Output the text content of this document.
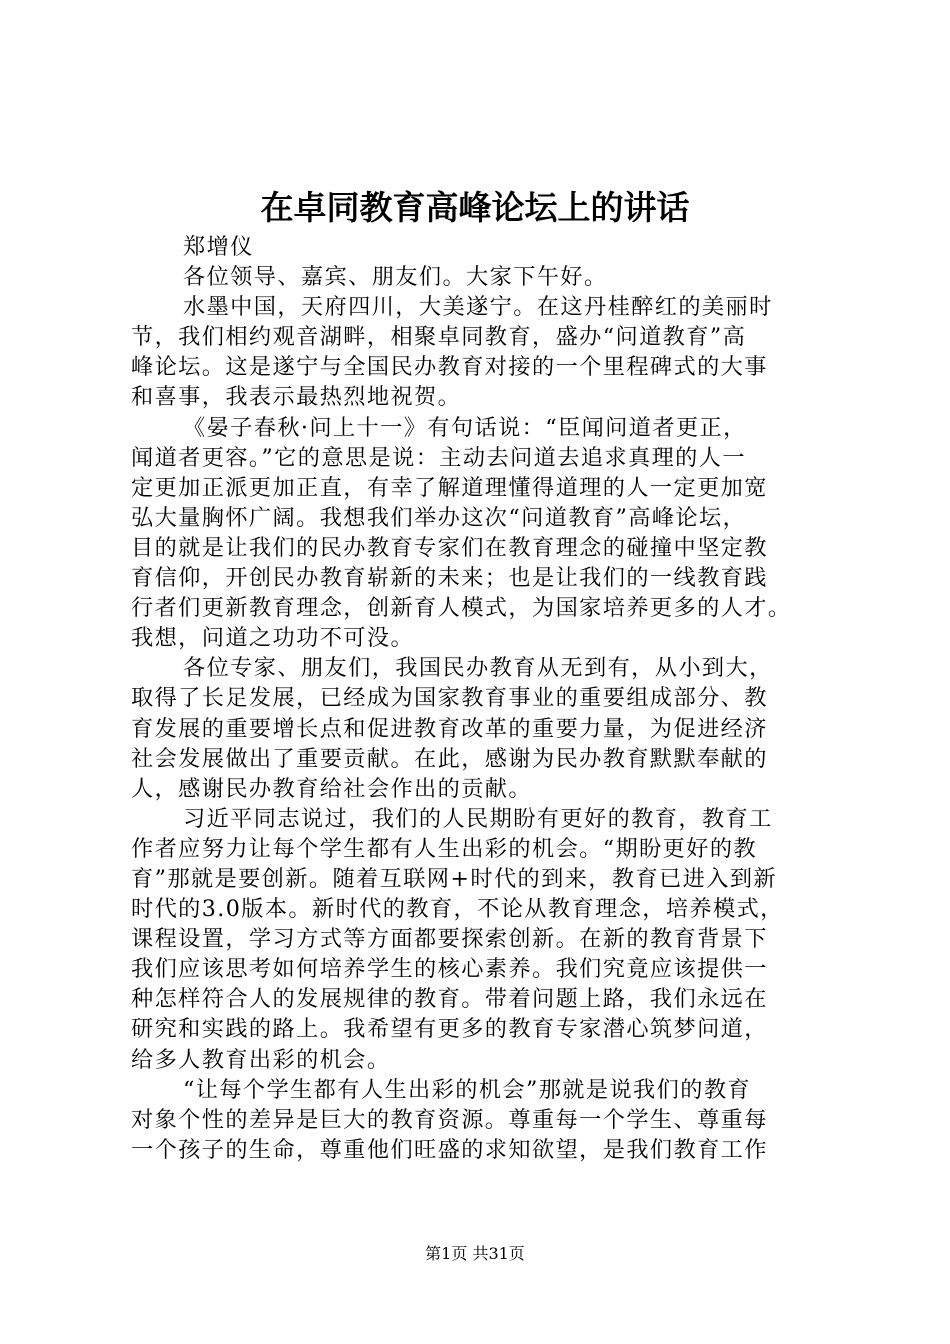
在卓同教育高峰论坛上的讲话
郑增仪
各位领导、嘉宾、朋友们。大家下午好。
水墨中国，天府四川，大美遂宁。在这丹桂醉红的美丽时
节，我们相约观音湖畔，相聚卓同教育，盛办“问道教育”高
峰论坛。这是遂宁与全国民办教育对接的一个里程碑式的大事
和喜事，我表示最热烈地祝贺。
《晏子春秋·问上十一》有句话说：“臣闻问道者更正，
闻道者更容。”它的意思是说：主动去问道去追求真理的人一
定更加正派更加正直，有幸了解道理懂得道理的人一定更加宽
弘大量胸怀广阔。我想我们举办这次“问道教育”高峰论坛，
目的就是让我们的民办教育专家们在教育理念的碰撞中坚定教
育信仰，开创民办教育崭新的未来；也是让我们的一线教育践
行者们更新教育理念，创新育人模式，为国家培养更多的人才。
我想，问道之功功不可没。
各位专家、朋友们，我国民办教育从无到有，从小到大，
取得了长足发展，已经成为国家教育事业的重要组成部分、教
育发展的重要增长点和促进教育改革的重要力量，为促进经济
社会发展做出了重要贡献。在此，感谢为民办教育默默奉献的
人，感谢民办教育给社会作出的贡献。
习近平同志说过，我们的人民期盼有更好的教育，教育工
作者应努力让每个学生都有人生出彩的机会。“期盼更好的教
育”那就是要创新。随着互联网+时代的到来，教育已进入到新
时代的3.0版本。新时代的教育，不论从教育理念，培养模式，
课程设置，学习方式等方面都要探索创新。在新的教育背景下
我们应该思考如何培养学生的核心素养。我们究竟应该提供一
种怎样符合人的发展规律的教育。带着问题上路，我们永远在
研究和实践的路上。我希望有更多的教育专家潜心筑梦问道，
给多人教育出彩的机会。
“让每个学生都有人生出彩的机会”那就是说我们的教育
对象个性的差异是巨大的教育资源。尊重每一个学生、尊重每
一个孩子的生命，尊重他们旺盛的求知欲望，是我们教育工作
第1页 共31页
